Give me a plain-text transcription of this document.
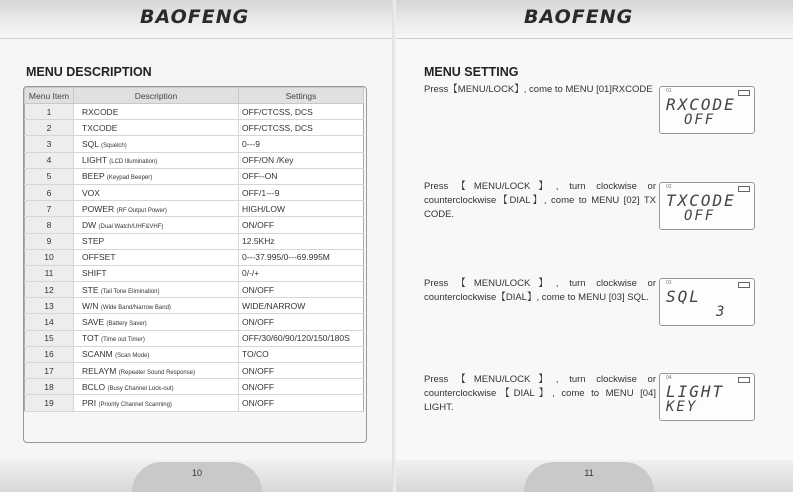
BAOFENG
MENU DESCRIPTION
Menu Item	Description	Settings
1	RXCODE	OFF/CTCSS, DCS
2	TXCODE	OFF/CTCSS, DCS
3	SQL (Squelch)	0---9
4	LIGHT (LCD Illumination)	OFF/ON /Key
5	BEEP (Keypad Beeper)	OFF--ON
6	VOX	OFF/1---9
7	POWER (RF Output Power)	HIGH/LOW
8	DW (Dual Watch/UHF&VHF)	ON/OFF
9	STEP	12.5KHz
10	OFFSET	0---37.995/0---69.995M
11	SHIFT	0/-/+
12	STE (Tail Tone Elimination)	ON/OFF
13	W/N (Wide Band/Narrow Band)	WIDE/NARROW
14	SAVE (Battery Saver)	ON/OFF
15	TOT (Time out Timer)	OFF/30/60/90/120/150/180S
16	SCANM (Scan Mode)	TO/CO
17	RELAYM (Repeater Sound Response)	ON/OFF
18	BCLO (Busy Channel Lock-out)	ON/OFF
19	PRI (Priority Channel Scanning)	ON/OFF
10
BAOFENG
MENU SETTING
Press【MENU/LOCK】, come to MENU [01]RXCODE	01
RXCODE
OFF
Press【MENU/LOCK】, turn clockwise or counterclockwise【DIAL】, come to MENU [02] TX CODE.
02
TXCODE
OFF
Press【MENU/LOCK】, turn clockwise or counterclockwise【DIAL】, come to MENU [03] SQL.
03
SQL
3
Press【MENU/LOCK】, turn clockwise or counterclockwise【DIAL】, come to MENU [04] LIGHT.
04
LIGHT
KEY
11
